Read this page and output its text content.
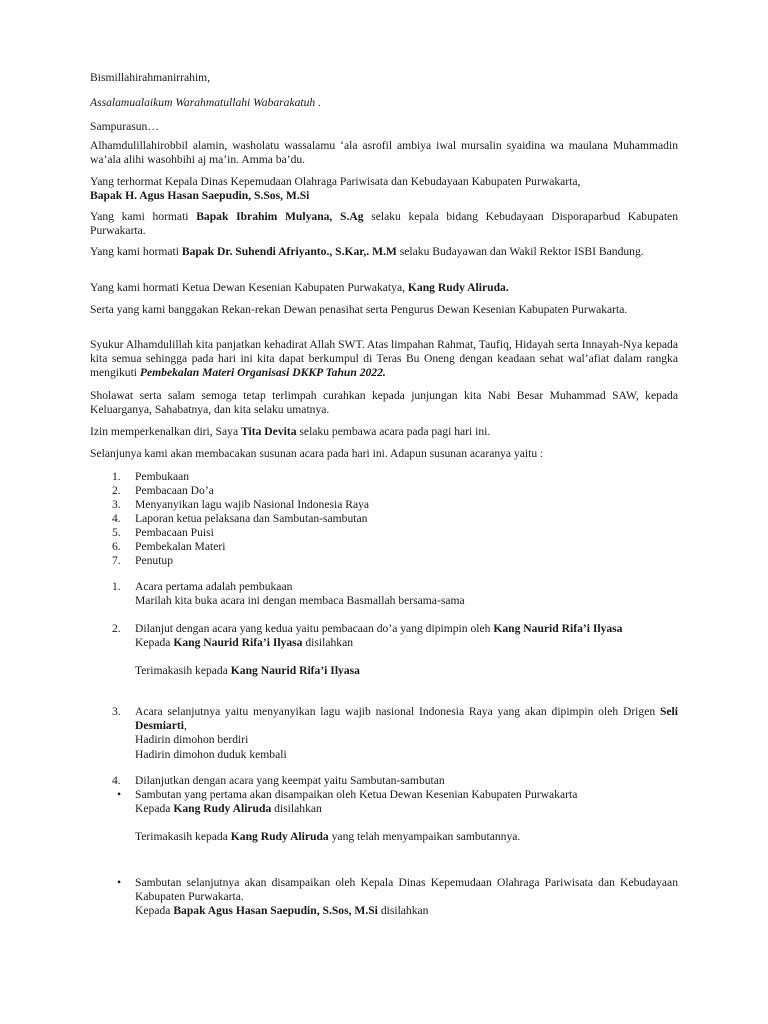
Bismillahirahmanirrahim,
Assalamualaikum Warahmatullahi Wabarakatuh .
Sampurasun…
Alhamdulillahirobbil alamin, washolatu wassalamu ‘ala asrofil ambiya iwal mursalin syaidina wa maulana Muhammadin wa’ala alihi wasohbihi aj ma’in. Amma ba’du.
Yang terhormat Kepala Dinas Kepemudaan Olahraga Pariwisata dan Kebudayaan Kabupaten Purwakarta,
Bapak H. Agus Hasan Saepudin, S.Sos, M.Si
Yang kami hormati Bapak Ibrahim Mulyana, S.Ag selaku kepala bidang Kebudayaan Disporaparbud Kabupaten Purwakarta.
Yang kami hormati Bapak Dr. Suhendi Afriyanto., S.Kar,. M.M selaku Budayawan dan Wakil Rektor ISBI Bandung.
Yang kami hormati Ketua Dewan Kesenian Kabupaten Purwakatya, Kang Rudy Aliruda.
Serta yang kami banggakan Rekan-rekan Dewan penasihat serta Pengurus Dewan Kesenian Kabupaten Purwakarta.
Syukur Alhamdulillah kita panjatkan kehadirat Allah SWT. Atas limpahan Rahmat, Taufiq, Hidayah serta Innayah-Nya kepada kita semua sehingga pada hari ini kita dapat berkumpul di Teras Bu Oneng dengan keadaan sehat wal’afiat dalam rangka mengikuti Pembekalan Materi Organisasi DKKP Tahun 2022.
Sholawat serta salam semoga tetap terlimpah curahkan kepada junjungan kita Nabi Besar Muhammad SAW, kepada Keluarganya, Sahabatnya, dan kita selaku umatnya.
Izin memperkenalkan diri, Saya Tita Devita selaku pembawa acara pada pagi hari ini.
Selanjunya kami akan membacakan susunan acara pada hari ini. Adapun susunan acaranya yaitu :
1. Pembukaan
2. Pembacaan Do’a
3. Menyanyikan lagu wajib Nasional Indonesia Raya
4. Laporan ketua pelaksana dan Sambutan-sambutan
5. Pembacaan Puisi
6. Pembekalan Materi
7. Penutup
1. Acara pertama adalah pembukaan
Marilah kita buka acara ini dengan membaca Basmallah bersama-sama
2. Dilanjut dengan acara yang kedua yaitu pembacaan do’a yang dipimpin oleh Kang Naurid Rifa’i Ilyasa
Kepada Kang Naurid Rifa’i Ilyasa disilahkan
Terimakasih kepada Kang Naurid Rifa’i Ilyasa
3. Acara selanjutnya yaitu menyanyikan lagu wajib nasional Indonesia Raya yang akan dipimpin oleh Drigen Seli Desmiarti,
Hadirin dimohon berdiri
Hadirin dimohon duduk kembali
4. Dilanjutkan dengan acara yang keempat yaitu Sambutan-sambutan
• Sambutan yang pertama akan disampaikan oleh Ketua Dewan Kesenian Kabupaten Purwakarta
Kepada Kang Rudy Aliruda disilahkan
Terimakasih kepada Kang Rudy Aliruda yang telah menyampaikan sambutannya.
• Sambutan selanjutnya akan disampaikan oleh Kepala Dinas Kepemudaan Olahraga Pariwisata dan Kebudayaan Kabupaten Purwakarta.
Kepada Bapak Agus Hasan Saepudin, S.Sos, M.Si disilahkan
